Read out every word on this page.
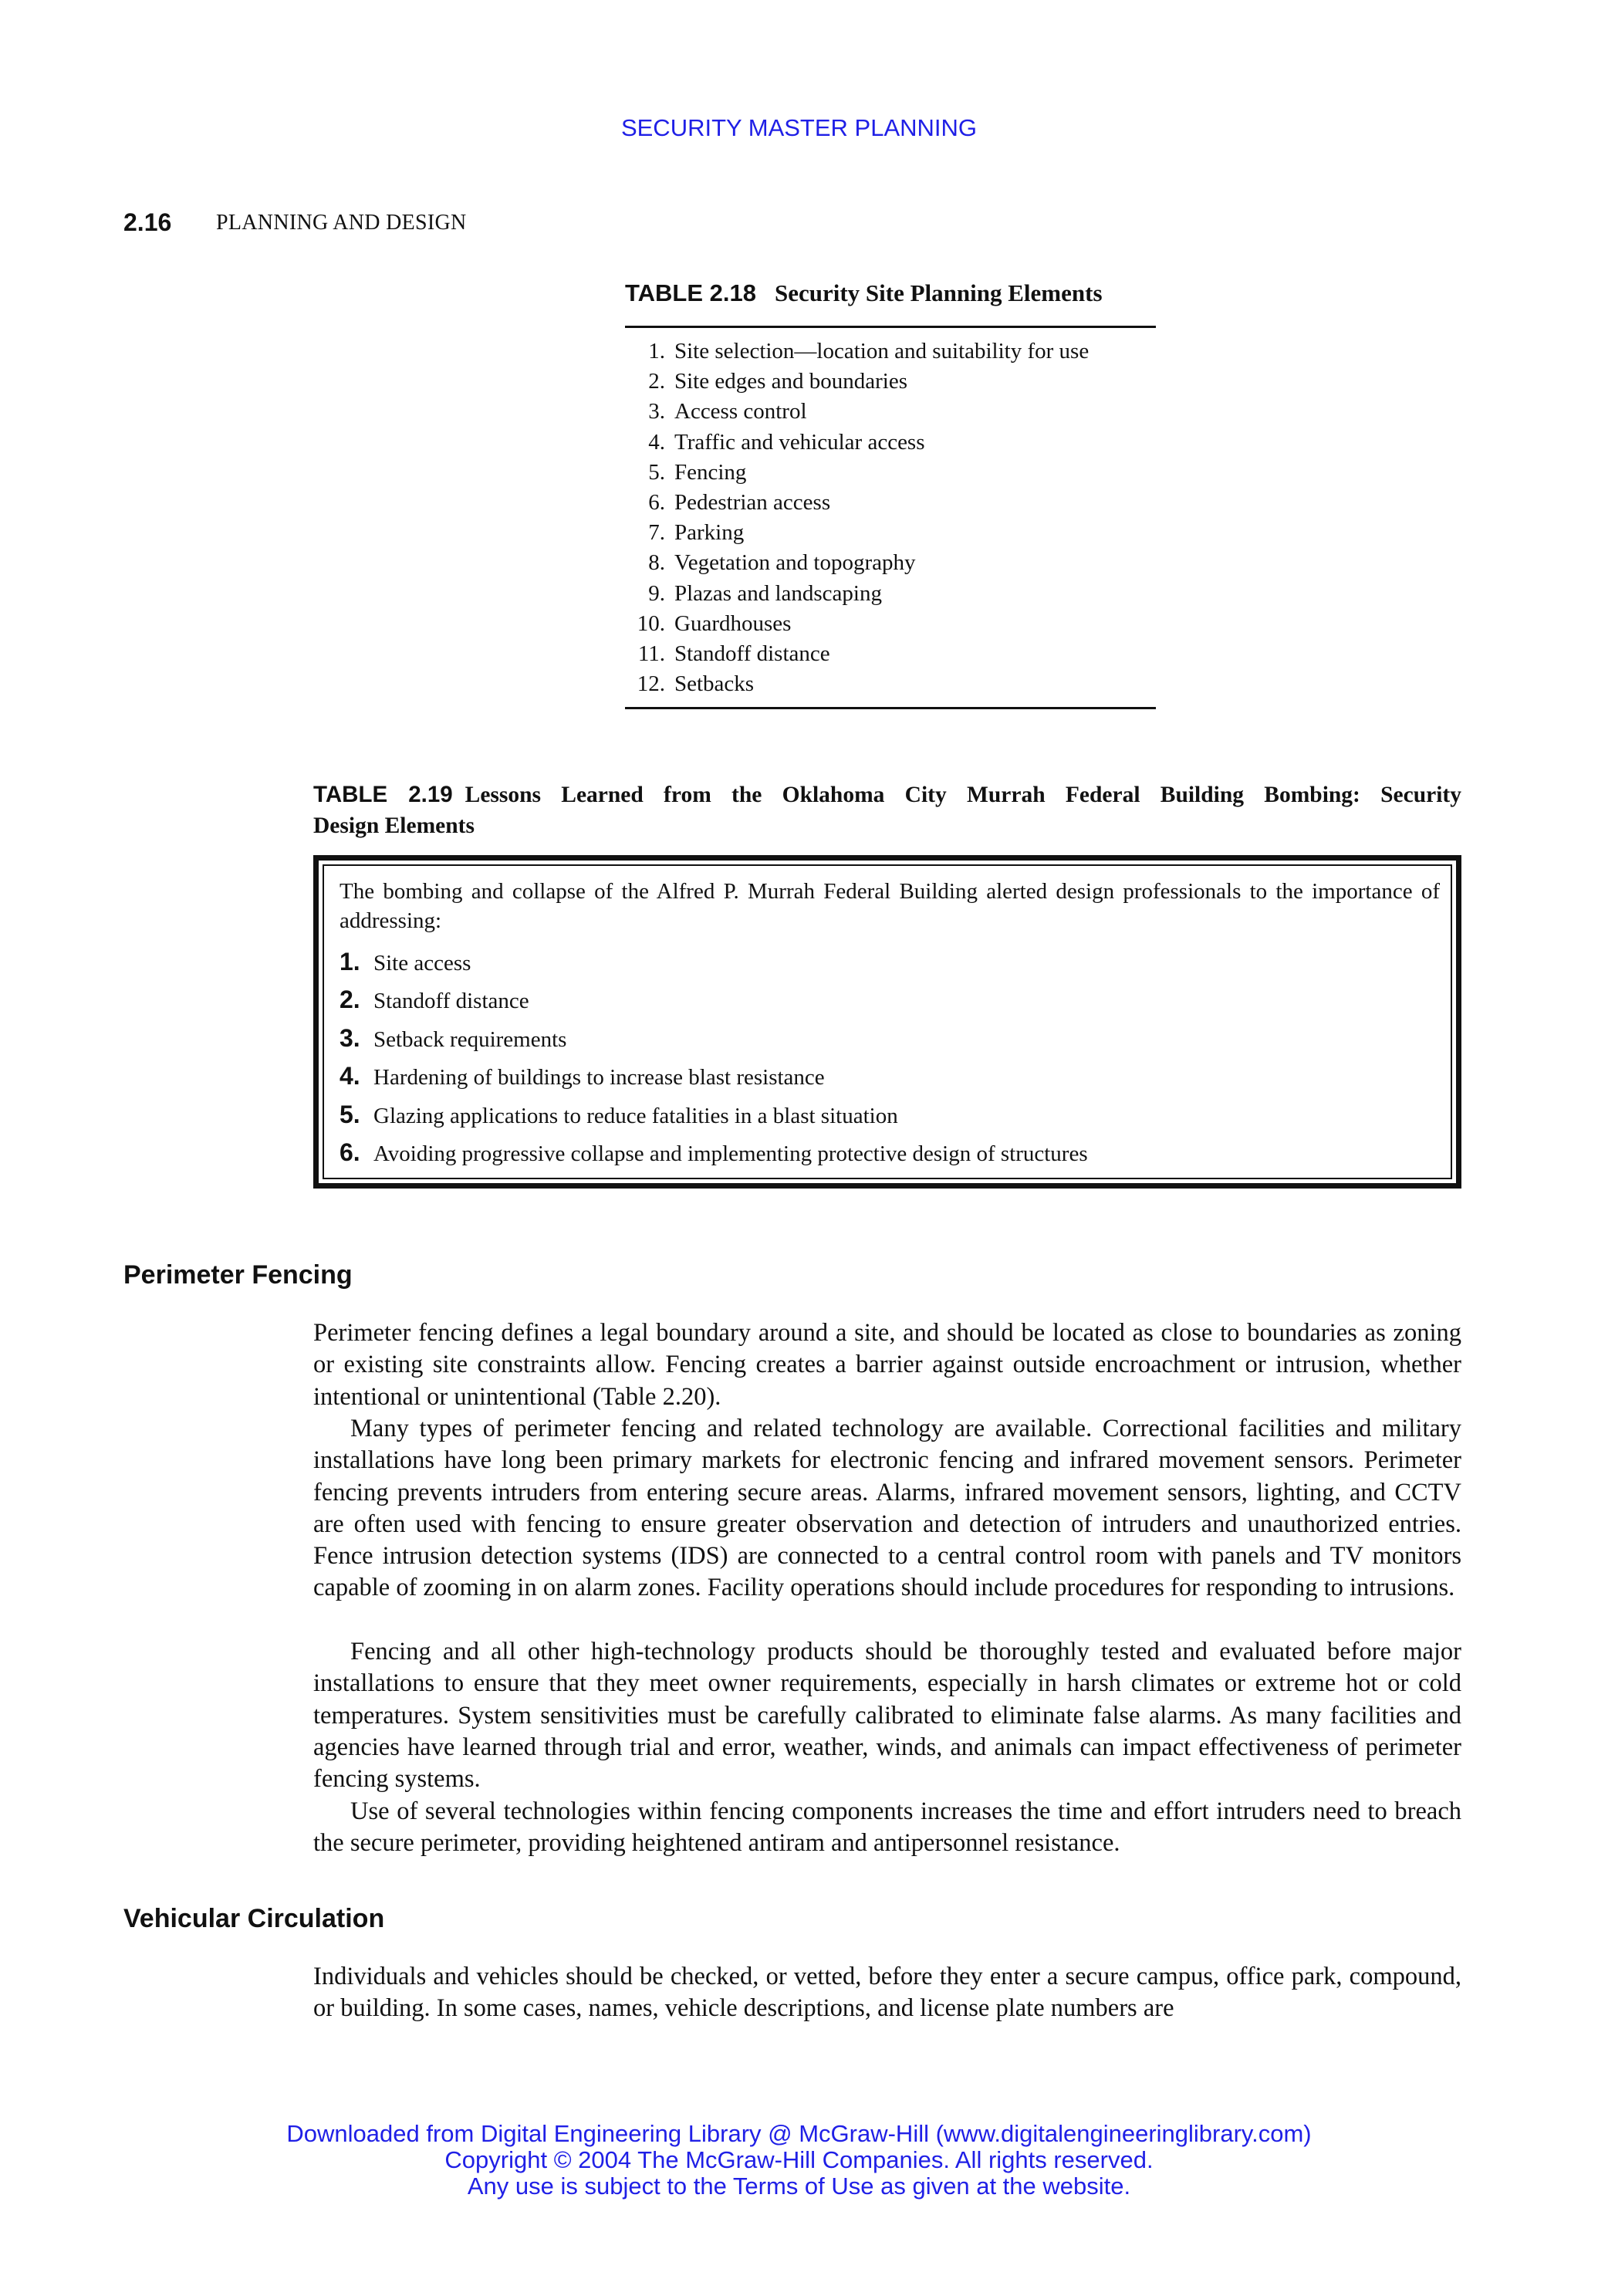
SECURITY MASTER PLANNING
2.16 PLANNING AND DESIGN
TABLE 2.18 Security Site Planning Elements
1. Site selection—location and suitability for use
2. Site edges and boundaries
3. Access control
4. Traffic and vehicular access
5. Fencing
6. Pedestrian access
7. Parking
8. Vegetation and topography
9. Plazas and landscaping
10. Guardhouses
11. Standoff distance
12. Setbacks
TABLE 2.19 Lessons Learned from the Oklahoma City Murrah Federal Building Bombing: Security
Design Elements
The bombing and collapse of the Alfred P. Murrah Federal Building alerted design professionals to the importance of addressing:
1. Site access
2. Standoff distance
3. Setback requirements
4. Hardening of buildings to increase blast resistance
5. Glazing applications to reduce fatalities in a blast situation
6. Avoiding progressive collapse and implementing protective design of structures
Perimeter Fencing

Perimeter fencing defines a legal boundary around a site, and should be located as close to boundaries as zoning or existing site constraints allow. Fencing creates a barrier against outside encroachment or intrusion, whether intentional or unintentional (Table 2.20).

Many types of perimeter fencing and related technology are available. Correctional facilities and military installations have long been primary markets for electronic fencing and infrared movement sensors. Perimeter fencing prevents intruders from entering secure areas. Alarms, infrared movement sensors, lighting, and CCTV are often used with fencing to ensure greater observation and detection of intruders and unauthorized entries. Fence intrusion detection systems (IDS) are connected to a central control room with panels and TV monitors capable of zooming in on alarm zones. Facility operations should include procedures for responding to intrusions.

Fencing and all other high-technology products should be thoroughly tested and evaluated before major installations to ensure that they meet owner requirements, especially in harsh climates or extreme hot or cold temperatures. System sensitivities must be carefully calibrated to eliminate false alarms. As many facilities and agencies have learned through trial and error, weather, winds, and animals can impact effectiveness of perimeter fencing systems.

Use of several technologies within fencing components increases the time and effort intruders need to breach the secure perimeter, providing heightened antiram and antipersonnel resistance.

Vehicular Circulation

Individuals and vehicles should be checked, or vetted, before they enter a secure campus, office park, compound, or building. In some cases, names, vehicle descriptions, and license plate numbers are

Downloaded from Digital Engineering Library @ McGraw-Hill (www.digitalengineeringlibrary.com)
Copyright © 2004 The McGraw-Hill Companies. All rights reserved.
Any use is subject to the Terms of Use as given at the website.
